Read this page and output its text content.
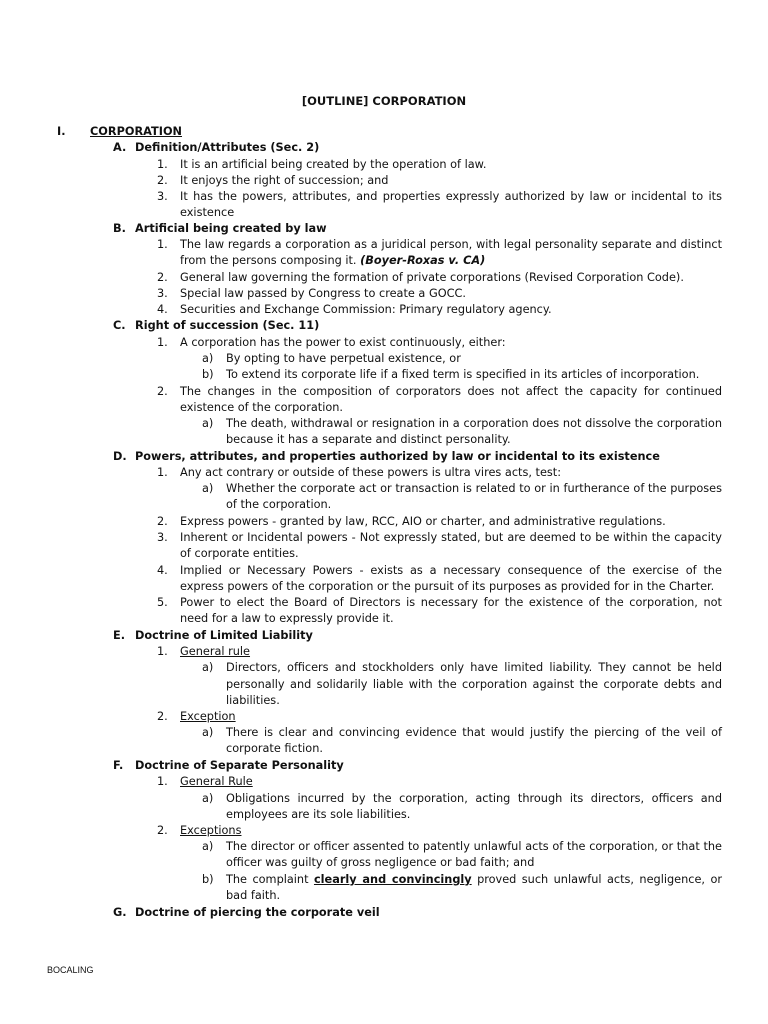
[OUTLINE] CORPORATION
I. CORPORATION
A. Definition/Attributes (Sec. 2)
1. It is an artificial being created by the operation of law.
2. It enjoys the right of succession; and
3. It has the powers, attributes, and properties expressly authorized by law or incidental to its
existence
B. Artificial being created by law
1. The law regards a corporation as a juridical person, with legal personality separate and distinct
from the persons composing it. (Boyer-Roxas v. CA)
2. General law governing the formation of private corporations (Revised Corporation Code).
3. Special law passed by Congress to create a GOCC.
4. Securities and Exchange Commission: Primary regulatory agency.
C. Right of succession (Sec. 11)
1. A corporation has the power to exist continuously, either:
a) By opting to have perpetual existence, or
b) To extend its corporate life if a fixed term is specified in its articles of incorporation.
2. The changes in the composition of corporators does not affect the capacity for continued
existence of the corporation.
a) The death, withdrawal or resignation in a corporation does not dissolve the corporation
because it has a separate and distinct personality.
D. Powers, attributes, and properties authorized by law or incidental to its existence
1. Any act contrary or outside of these powers is ultra vires acts, test:
a) Whether the corporate act or transaction is related to or in furtherance of the purposes
of the corporation.
2. Express powers - granted by law, RCC, AIO or charter, and administrative regulations.
3. Inherent or Incidental powers - Not expressly stated, but are deemed to be within the capacity
of corporate entities.
4. Implied or Necessary Powers - exists as a necessary consequence of the exercise of the
express powers of the corporation or the pursuit of its purposes as provided for in the Charter.
5. Power to elect the Board of Directors is necessary for the existence of the corporation, not
need for a law to expressly provide it.
E. Doctrine of Limited Liability
1. General rule
a) Directors, officers and stockholders only have limited liability. They cannot be held
personally and solidarily liable with the corporation against the corporate debts and
liabilities.
2. Exception
a) There is clear and convincing evidence that would justify the piercing of the veil of
corporate fiction.
F. Doctrine of Separate Personality
1. General Rule
a) Obligations incurred by the corporation, acting through its directors, officers and
employees are its sole liabilities.
2. Exceptions
a) The director or officer assented to patently unlawful acts of the corporation, or that the
officer was guilty of gross negligence or bad faith; and
b) The complaint clearly and convincingly proved such unlawful acts, negligence, or
bad faith.
G. Doctrine of piercing the corporate veil
BOCALING
